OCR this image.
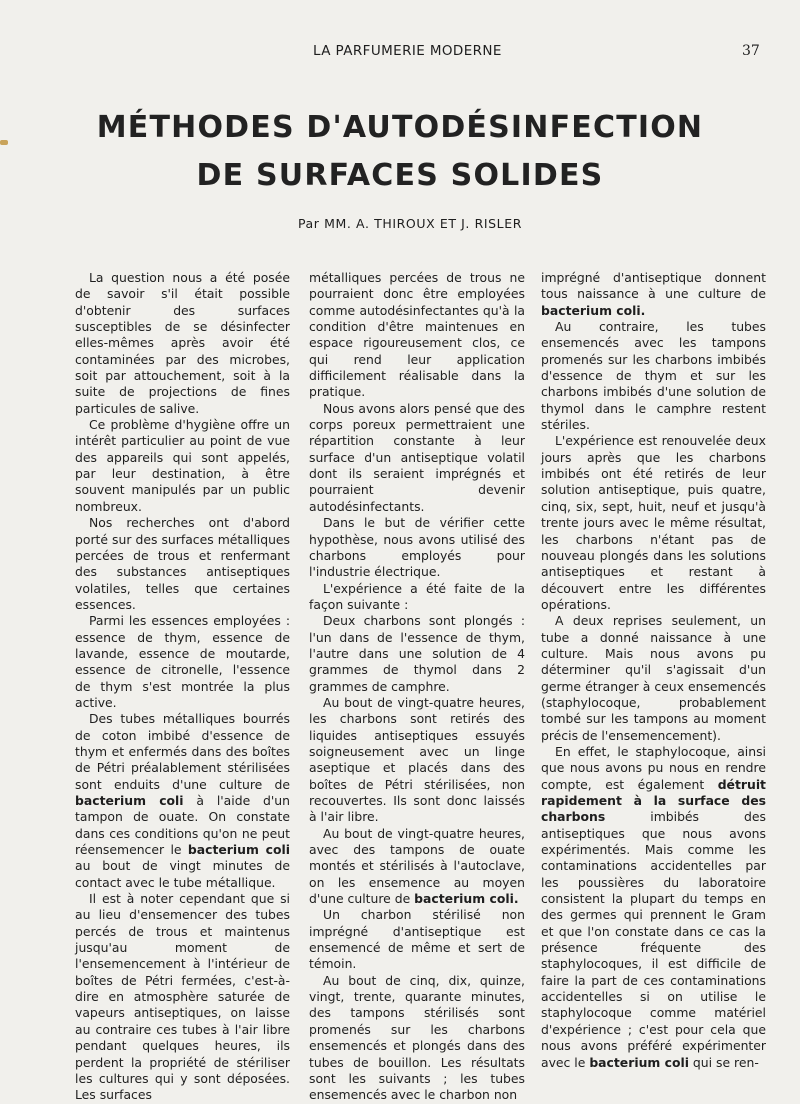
LA PARFUMERIE MODERNE	37
MÉTHODES D'AUTODÉSINFECTION
DE SURFACES SOLIDES
Par MM. A. THIROUX ET J. RISLER

La question nous a été posée de savoir s'il était possible d'obtenir des surfaces susceptibles de se désinfecter elles-mêmes après avoir été contaminées par des microbes, soit par attouchement, soit à la suite de projections de fines particules de salive.

Ce problème d'hygiène offre un intérêt particulier au point de vue des appareils qui sont appelés, par leur destination, à être souvent manipulés par un public nombreux.

Nos recherches ont d'abord porté sur des surfaces métalliques percées de trous et renfermant des substances antiseptiques volatiles, telles que certaines essences.

Parmi les essences employées : essence de thym, essence de lavande, essence de moutarde, essence de citronelle, l'essence de thym s'est montrée la plus active.

Des tubes métalliques bourrés de coton imbibé d'essence de thym et enfermés dans des boîtes de Pétri préalablement stérilisées sont enduits d'une culture de bacterium coli à l'aide d'un tampon de ouate. On constate dans ces conditions qu'on ne peut réensemencer le bacterium coli au bout de vingt minutes de contact avec le tube métallique.

Il est à noter cependant que si au lieu d'ensemencer des tubes percés de trous et maintenus jusqu'au moment de l'ensemencement à l'intérieur de boîtes de Pétri fermées, c'est-à-dire en atmosphère saturée de vapeurs antiseptiques, on laisse au contraire ces tubes à l'air libre pendant quelques heures, ils perdent la propriété de stériliser les cultures qui y sont déposées. Les surfaces

métalliques percées de trous ne pourraient donc être employées comme autodésinfectantes qu'à la condition d'être maintenues en espace rigoureusement clos, ce qui rend leur application difficilement réalisable dans la pratique.

Nous avons alors pensé que des corps poreux permettraient une répartition constante à leur surface d'un antiseptique volatil dont ils seraient imprégnés et pourraient devenir autodésinfectants.

Dans le but de vérifier cette hypothèse, nous avons utilisé des charbons employés pour l'industrie électrique.

L'expérience a été faite de la façon suivante :

Deux charbons sont plongés : l'un dans de l'essence de thym, l'autre dans une solution de 4 grammes de thymol dans 2 grammes de camphre.

Au bout de vingt-quatre heures, les charbons sont retirés des liquides antiseptiques essuyés soigneusement avec un linge aseptique et placés dans des boîtes de Pétri stérilisées, non recouvertes. Ils sont donc laissés à l'air libre.

Au bout de vingt-quatre heures, avec des tampons de ouate montés et stérilisés à l'autoclave, on les ensemence au moyen d'une culture de bacterium coli.

Un charbon stérilisé non imprégné d'antiseptique est ensemencé de même et sert de témoin.

Au bout de cinq, dix, quinze, vingt, trente, quarante minutes, des tampons stérilisés sont promenés sur les charbons ensemencés et plongés dans des tubes de bouillon. Les résultats sont les suivants ; les tubes ensemencés avec le charbon non

imprégné d'antiseptique donnent tous naissance à une culture de bacterium coli.

Au contraire, les tubes ensemencés avec les tampons promenés sur les charbons imbibés d'essence de thym et sur les charbons imbibés d'une solution de thymol dans le camphre restent stériles.

L'expérience est renouvelée deux jours après que les charbons imbibés ont été retirés de leur solution antiseptique, puis quatre, cinq, six, sept, huit, neuf et jusqu'à trente jours avec le même résultat, les charbons n'étant pas de nouveau plongés dans les solutions antiseptiques et restant à découvert entre les différentes opérations.

A deux reprises seulement, un tube a donné naissance à une culture. Mais nous avons pu déterminer qu'il s'agissait d'un germe étranger à ceux ensemencés (staphylocoque, probablement tombé sur les tampons au moment précis de l'ensemencement).

En effet, le staphylocoque, ainsi que nous avons pu nous en rendre compte, est également détruit rapidement à la surface des charbons imbibés des antiseptiques que nous avons expérimentés. Mais comme les contaminations accidentelles par les poussières du laboratoire consistent la plupart du temps en des germes qui prennent le Gram et que l'on constate dans ce cas la présence fréquente des staphylocoques, il est difficile de faire la part de ces contaminations accidentelles si on utilise le staphylocoque comme matériel d'expérience ; c'est pour cela que nous avons préféré expérimenter avec le bacterium coli qui se ren-
